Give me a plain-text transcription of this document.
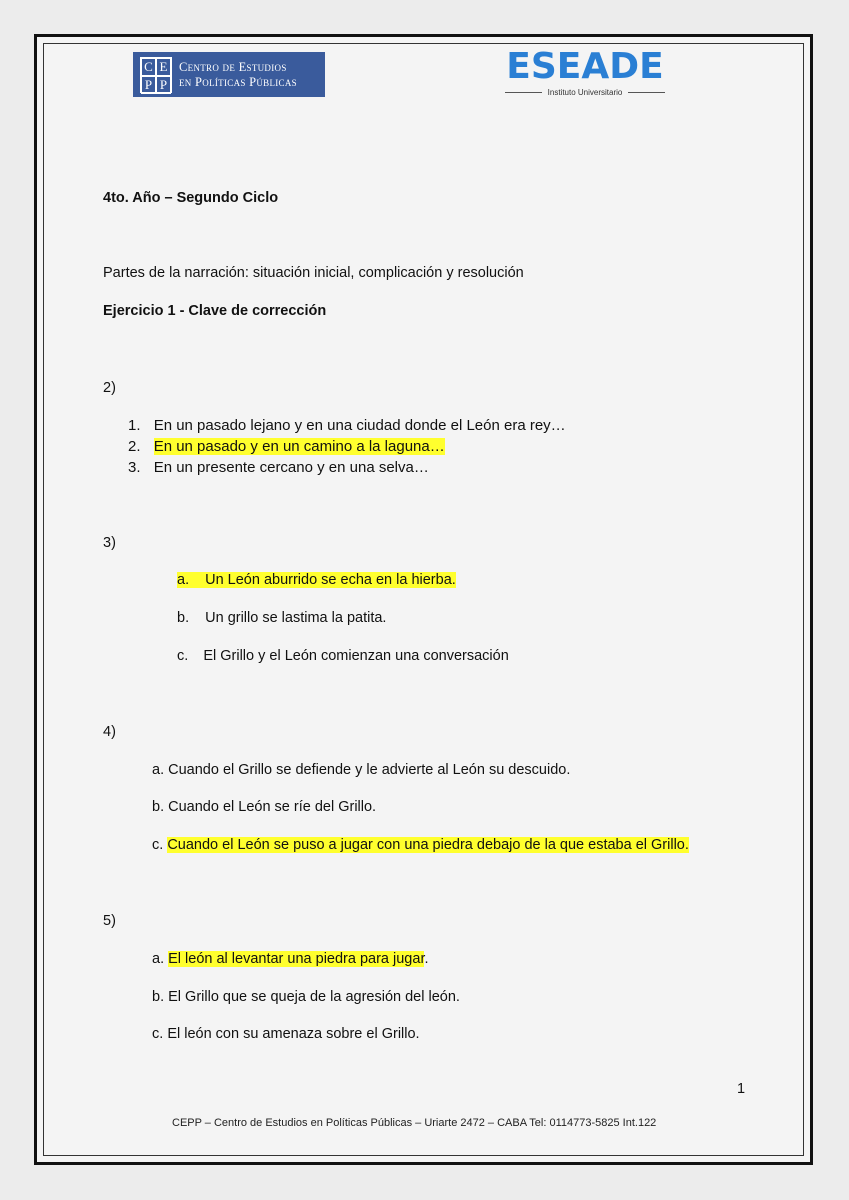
C E
P P
Centro de Estudios
en Políticas Públicas	ESEADE
Instituto Universitario
4to. Año – Segundo Ciclo
Partes de la narración: situación inicial, complicación y resolución
Ejercicio 1 - Clave de corrección
2)
1. En un pasado lejano y en una ciudad donde el León era rey…
2. En un pasado y en un camino a la laguna…
3. En un presente cercano y en una selva…
3)
a. Un León aburrido se echa en la hierba.
b. Un grillo se lastima la patita.
c. El Grillo y el León comienzan una conversación
4)
a. Cuando el Grillo se defiende y le advierte al León su descuido.
b. Cuando el León se ríe del Grillo.
c. Cuando el León se puso a jugar con una piedra debajo de la que estaba el Grillo.
5)
a. El león al levantar una piedra para jugar.
b. El Grillo que se queja de la agresión del león.
c. El león con su amenaza sobre el Grillo.
1
CEPP – Centro de Estudios en Políticas Públicas – Uriarte 2472 – CABA Tel: 0114773-5825 Int.122
